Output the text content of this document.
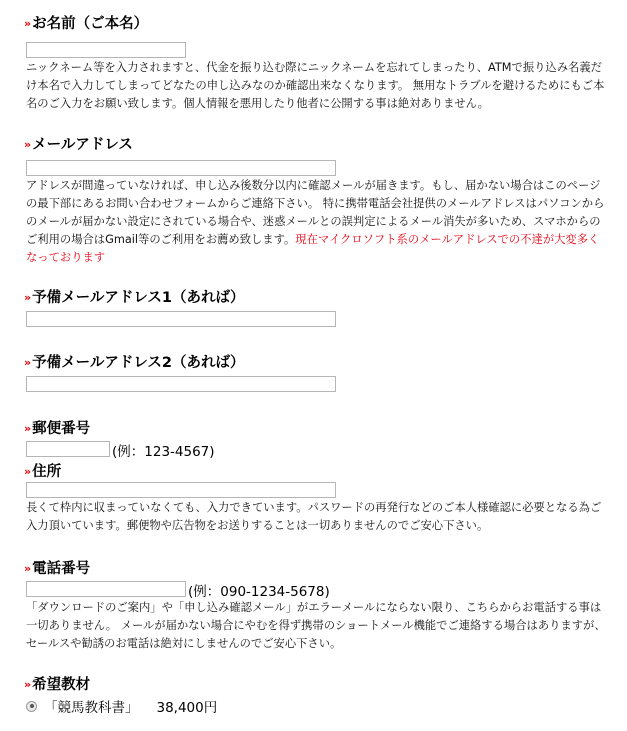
» お名前（ご本名）
ニックネーム等を入力されますと、代金を振り込む際にニックネームを忘れてしまったり、ATMで振り込み名義だけ本名で入力してしまってどなたの申し込みなのか確認出来なくなります。 無用なトラブルを避けるためにもご本名のご入力をお願い致します。個人情報を悪用したり他者に公開する事は絶対ありません。
» メールアドレス
アドレスが間違っていなければ、申し込み後数分以内に確認メールが届きます。もし、届かない場合はこのページの最下部にあるお問い合わせフォームからご連絡下さい。 特に携帯電話会社提供のメールアドレスはパソコンからのメールが届かない設定にされている場合や、迷惑メールとの誤判定によるメール消失が多いため、スマホからのご利用の場合はGmail等のご利用をお薦め致します。現在マイクロソフト系のメールアドレスでの不達が大変多くなっております
» 予備メールアドレス1（あれば）
» 予備メールアドレス2（あれば）
» 郵便番号
(例：123-4567)
» 住所
長くて枠内に収まっていなくても、入力できています。パスワードの再発行などのご本人様確認に必要となる為ご入力頂いています。郵便物や広告物をお送りすることは一切ありませんのでご安心下さい。
» 電話番号
(例：090-1234-5678)
「ダウンロードのご案内」や「申し込み確認メール」がエラーメールにならない限り、こちらからお電話する事は一切ありません。 メールが届かない場合にやむを得ず携帯のショートメール機能でご連絡する場合はありますが、セールスや勧誘のお電話は絶対にしませんのでご安心下さい。
» 希望教材
「競馬教科書」 38,400円
